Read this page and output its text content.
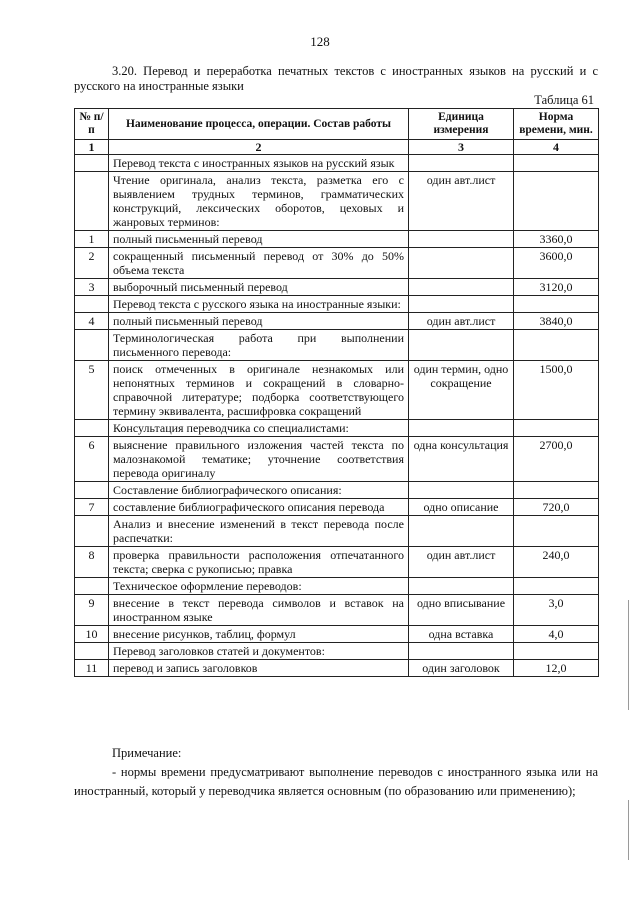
128
3.20. Перевод и переработка печатных текстов с иностранных языков на русский и с русского на иностранные языки
Таблица 61
№ п/п	Наименование процесса, операции. Состав работы	Единица измерения	Норма времени, мин.
1	2	3	4
	Перевод текста с иностранных языков на русский язык		
	Чтение оригинала, анализ текста, разметка его с выявлением трудных терминов, грамматических конструкций, лексических оборотов, цеховых и жанровых терминов:	один авт.лист	
1	полный письменный перевод		3360,0
2	сокращенный письменный перевод от 30% до 50% объема текста		3600,0
3	выборочный письменный перевод		3120,0
	Перевод текста с русского языка на иностранные языки:		
4	полный письменный перевод	один авт.лист	3840,0
	Терминологическая работа при выполнении письменного перевода:		
5	поиск отмеченных в оригинале незнакомых или непонятных терминов и сокращений в словарно-справочной литературе; подборка соответствующего термину эквивалента, расшифровка сокращений	один термин, одно сокращение	1500,0
	Консультация переводчика со специалистами:		
6	выяснение правильного изложения частей текста по малознакомой тематике; уточнение соответствия перевода оригиналу	одна консультация	2700,0
	Составление библиографического описания:		
7	составление библиографического описания перевода	одно описание	720,0
	Анализ и внесение изменений в текст перевода после распечатки:		
8	проверка правильности расположения отпечатанного текста; сверка с рукописью; правка	один авт.лист	240,0
	Техническое оформление переводов:		
9	внесение в текст перевода символов и вставок на иностранном языке	одно вписывание	3,0
10	внесение рисунков, таблиц, формул	одна вставка	4,0
	Перевод заголовков статей и документов:		
11	перевод и запись заголовков	один заголовок	12,0
Примечание:
- нормы времени предусматривают выполнение переводов с иностранного языка или на иностранный, который у переводчика является основным (по образованию или применению);
